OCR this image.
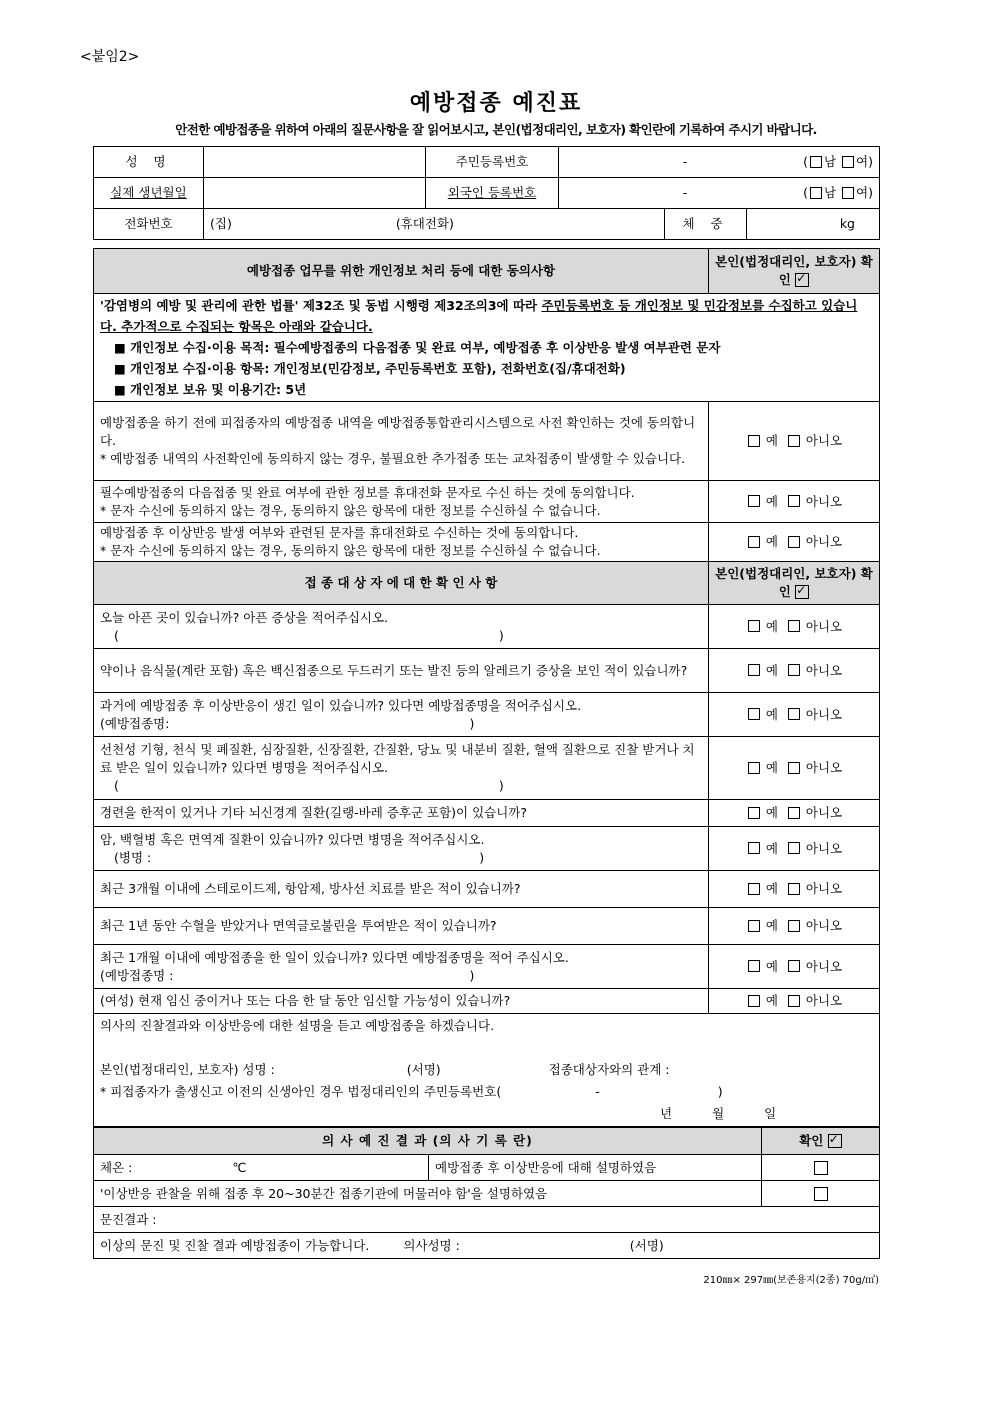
<붙임2>
예방접종 예진표
안전한 예방접종을 위하여 아래의 질문사항을 잘 읽어보시고, 본인(법정대리인, 보호자) 확인란에 기록하여 주시기 바랍니다.
성 명		주민등록번호	- ( 남 여)		

실제 생년월일		외국인 등록번호	- ( 남 여)		

전화번호	(집) (휴대전화)			체 중	kg
예방접종 업무를 위한 개인정보 처리 등에 대한 동의사항	본인(법정대리인, 보호자) 확인 ✓
'감염병의 예방 및 관리에 관한 법률' 제32조 및 동법 시행령 제32조의3에 따라 주민등록번호 등 개인정보 및 민감정보를 수집하고 있습니다. 추가적으로 수집되는 항목은 아래와 같습니다.
■ 개인정보 수집·이용 목적: 필수예방접종의 다음접종 및 완료 여부, 예방접종 후 이상반응 발생 여부관련 문자
■ 개인정보 수집·이용 항목: 개인정보(민감정보, 주민등록번호 포함), 전화번호(집/휴대전화)
■ 개인정보 보유 및 이용기간: 5년	
예방접종을 하기 전에 피접종자의 예방접종 내역을 예방접종통합관리시스템으로 사전 확인하는 것에 동의합니다.
* 예방접종 내역의 사전확인에 동의하지 않는 경우, 불필요한 추가접종 또는 교차접종이 발생할 수 있습니다.	예 아니오
필수예방접종의 다음접종 및 완료 여부에 관한 정보를 휴대전화 문자로 수신 하는 것에 동의합니다.
* 문자 수신에 동의하지 않는 경우, 동의하지 않은 항목에 대한 정보를 수신하실 수 없습니다.	예 아니오
예방접종 후 이상반응 발생 여부와 관련된 문자를 휴대전화로 수신하는 것에 동의합니다.
* 문자 수신에 동의하지 않는 경우, 동의하지 않은 항목에 대한 정보를 수신하실 수 없습니다.	예 아니오
접 종 대 상 자 에 대 한 확 인 사 항	본인(법정대리인, 보호자) 확인 ✓
오늘 아픈 곳이 있습니까? 아픈 증상을 적어주십시오.
( )	예 아니오
약이나 음식물(계란 포함) 혹은 백신접종으로 두드러기 또는 발진 등의 알레르기 증상을 보인 적이 있습니까?	예 아니오
과거에 예방접종 후 이상반응이 생긴 일이 있습니까? 있다면 예방접종명을 적어주십시오.
(예방접종명: )	예 아니오
선천성 기형, 천식 및 폐질환, 심장질환, 신장질환, 간질환, 당뇨 및 내분비 질환, 혈액 질환으로 진찰 받거나 치료 받은 일이 있습니까? 있다면 병명을 적어주십시오.
( )	예 아니오
경련을 한적이 있거나 기타 뇌신경계 질환(길랭-바레 증후군 포함)이 있습니까?	예 아니오
암, 백혈병 혹은 면역계 질환이 있습니까? 있다면 병명을 적어주십시오.
(병명 : )	예 아니오
최근 3개월 이내에 스테로이드제, 항암제, 방사선 치료를 받은 적이 있습니까?	예 아니오
최근 1년 동안 수혈을 받았거나 면역글로불린을 투여받은 적이 있습니까?	예 아니오
최근 1개월 이내에 예방접종을 한 일이 있습니까? 있다면 예방접종명을 적어 주십시오.
(예방접종명 : )	예 아니오
(여성) 현재 임신 중이거나 또는 다음 한 달 동안 임신할 가능성이 있습니까?	예 아니오
의사의 진찰결과와 이상반응에 대한 설명을 듣고 예방접종을 하겠습니다.

본인(법정대리인, 보호자) 성명 : (서명) 접종대상자와의 관계 :
* 피접종자가 출생신고 이전의 신생아인 경우 법정대리인의 주민등록번호( - )
년 월 일	
의 사 예 진 결 과 (의 사 기 록 란)		확인 ✓
체온 : ℃	예방접종 후 이상반응에 대해 설명하였음	
'이상반응 관찰을 위해 접종 후 20~30분간 접종기관에 머물러야 함'을 설명하였음		
문진결과 :		
이상의 문진 및 진찰 결과 예방접종이 가능합니다. 의사성명 : (서명)		
210㎜× 297㎜(보존용지(2종) 70g/㎡)
